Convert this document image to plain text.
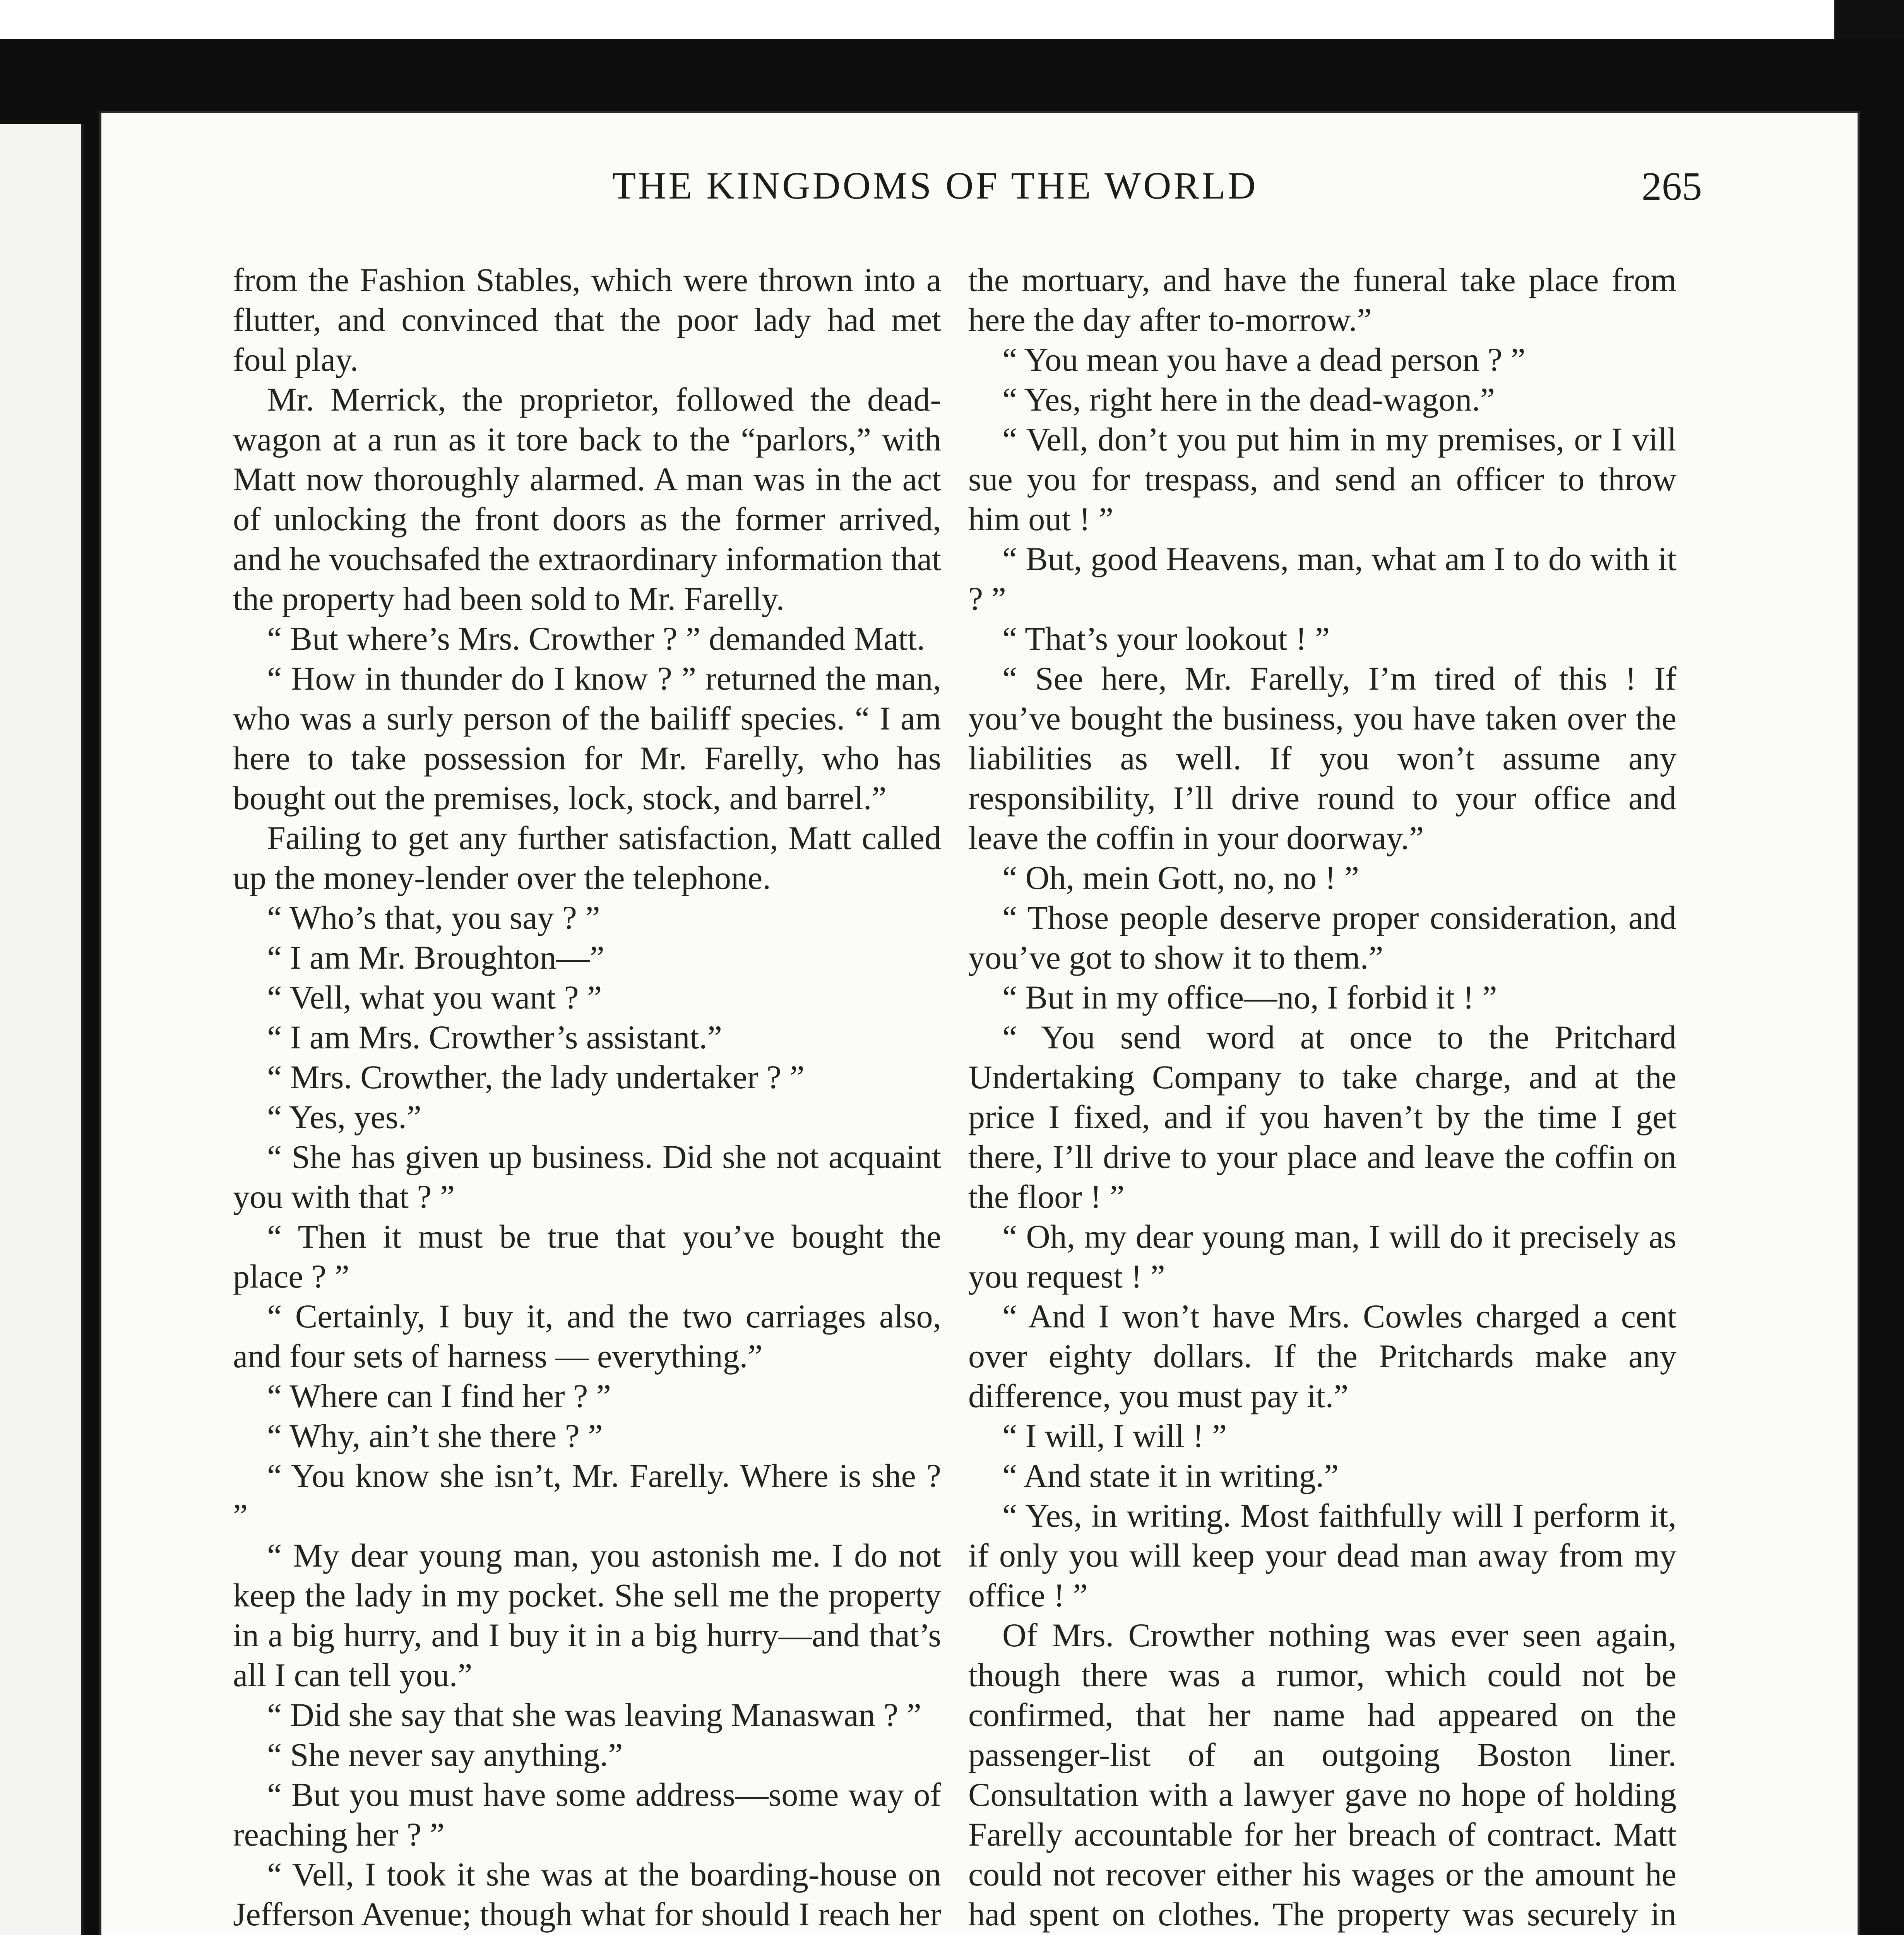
THE KINGDOMS OF THE WORLD	265

from the Fashion Stables, which were thrown into a flutter, and convinced that the poor lady had met foul play.

Mr. Merrick, the proprietor, followed the dead-wagon at a run as it tore back to the “parlors,” with Matt now thoroughly alarmed. A man was in the act of unlocking the front doors as the former arrived, and he vouchsafed the extraordinary information that the property had been sold to Mr. Farelly.

“ But where’s Mrs. Crowther ? ” demanded Matt.

“ How in thunder do I know ? ” returned the man, who was a surly person of the bailiff species. “ I am here to take possession for Mr. Farelly, who has bought out the premises, lock, stock, and barrel.”

Failing to get any further satisfaction, Matt called up the money-lender over the telephone.

“ Who’s that, you say ? ”

“ I am Mr. Broughton—”

“ Vell, what you want ? ”

“ I am Mrs. Crowther’s assistant.”

“ Mrs. Crowther, the lady undertaker ? ”

“ Yes, yes.”

“ She has given up business. Did she not acquaint you with that ? ”

“ Then it must be true that you’ve bought the place ? ”

“ Certainly, I buy it, and the two carriages also, and four sets of harness — everything.”

“ Where can I find her ? ”

“ Why, ain’t she there ? ”

“ You know she isn’t, Mr. Farelly. Where is she ? ”

“ My dear young man, you astonish me. I do not keep the lady in my pocket. She sell me the property in a big hurry, and I buy it in a big hurry—and that’s all I can tell you.”

“ Did she say that she was leaving Manaswan ? ”

“ She never say anything.”

“ But you must have some address—some way of reaching her ? ”

“ Vell, I took it she was at the boarding-house on Jefferson Avenue; though what for should I reach her

the mortuary, and have the funeral take place from here the day after to-morrow.”

“ You mean you have a dead person ? ”

“ Yes, right here in the dead-wagon.”

“ Vell, don’t you put him in my premises, or I vill sue you for trespass, and send an officer to throw him out ! ”

“ But, good Heavens, man, what am I to do with it ? ”

“ That’s your lookout ! ”

“ See here, Mr. Farelly, I’m tired of this ! If you’ve bought the business, you have taken over the liabilities as well. If you won’t assume any responsibility, I’ll drive round to your office and leave the coffin in your doorway.”

“ Oh, mein Gott, no, no ! ”

“ Those people deserve proper consideration, and you’ve got to show it to them.”

“ But in my office—no, I forbid it ! ”

“ You send word at once to the Pritchard Undertaking Company to take charge, and at the price I fixed, and if you haven’t by the time I get there, I’ll drive to your place and leave the coffin on the floor ! ”

“ Oh, my dear young man, I will do it precisely as you request ! ”

“ And I won’t have Mrs. Cowles charged a cent over eighty dollars. If the Pritchards make any difference, you must pay it.”

“ I will, I will ! ”

“ And state it in writing.”

“ Yes, in writing. Most faithfully will I perform it, if only you will keep your dead man away from my office ! ”

Of Mrs. Crowther nothing was ever seen again, though there was a rumor, which could not be confirmed, that her name had appeared on the passenger-list of an outgoing Boston liner. Consultation with a lawyer gave no hope of holding Farelly accountable for her breach of contract. Matt could not recover either his wages or the amount he had spent on clothes. The property was securely in
